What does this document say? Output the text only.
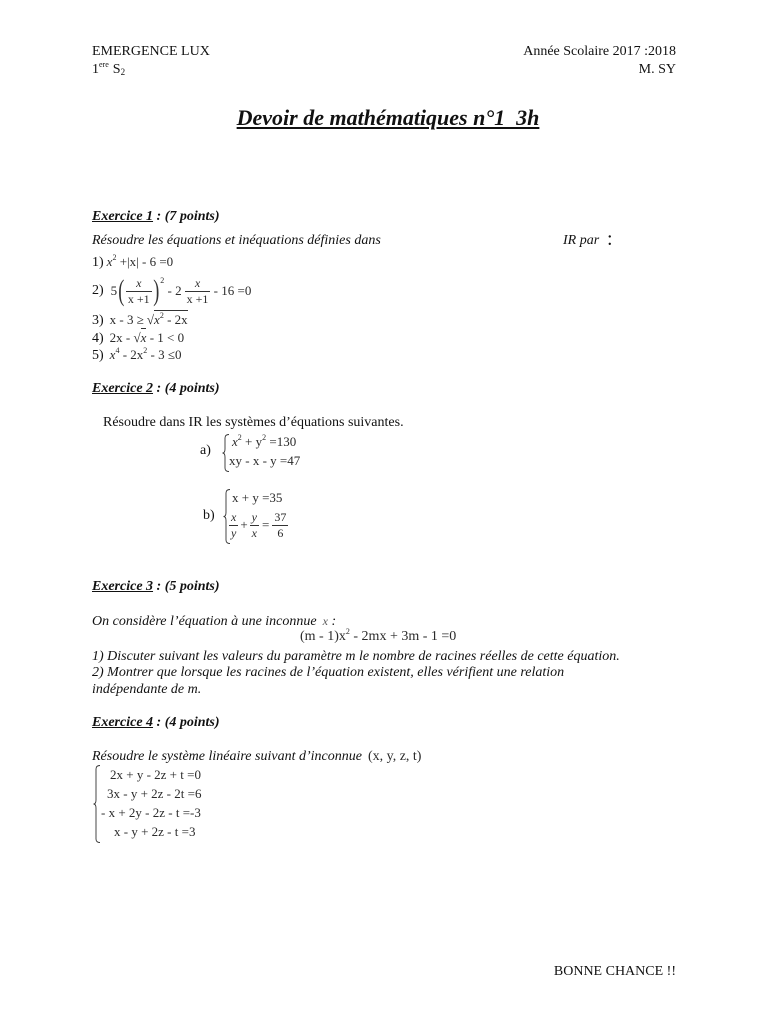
EMERGENCE LUX	Année Scolaire 2017 :2018
1ere $S_2$	M. SY
Devoir de mathématiques n°1  3h
Exercice 1 : (7 points)
Résoudre les équations et inéquations définies dans	IR par :
1) $x^2 +|x| - 6 =0$
2) 5 ( $\frac{x}{x +1}$ ) 2
- $2 \frac{x}{x +1} - 16 =0$
3) $x - 3 \ge √x^2 - 2x$
4) 2x - √x - 1 < 0
5) $x^4 - 2x^2 - 3 \le 0$
Exercice 2 : (4 points)
Résoudre dans IR les systèmes d’équations suivantes.
a)
$x^2 + y^2 =130$
xy - x - y =47
b)
x + y =35
$\frac{x}{y} + \frac{y}{x} = \frac{37}{6}$
Exercice 3 : (5 points)
On considère l’équation à une inconnue x :
$(m - 1)x^2 - 2mx + 3m - 1 =0$
1) Discuter suivant les valeurs du paramètre m le nombre de racines réelles de cette équation.
2) Montrer que lorsque les racines de l’équation existent, elles vérifient une relation
indépendante de m.
Exercice 4 : (4 points)
Résoudre le système linéaire suivant d’inconnue (x, y, z, t)
2x + y - 2z + t =0
3x - y + 2z - 2t =6
- x + 2y - 2z - t =-3
x - y + 2z - t =3
BONNE CHANCE !!
